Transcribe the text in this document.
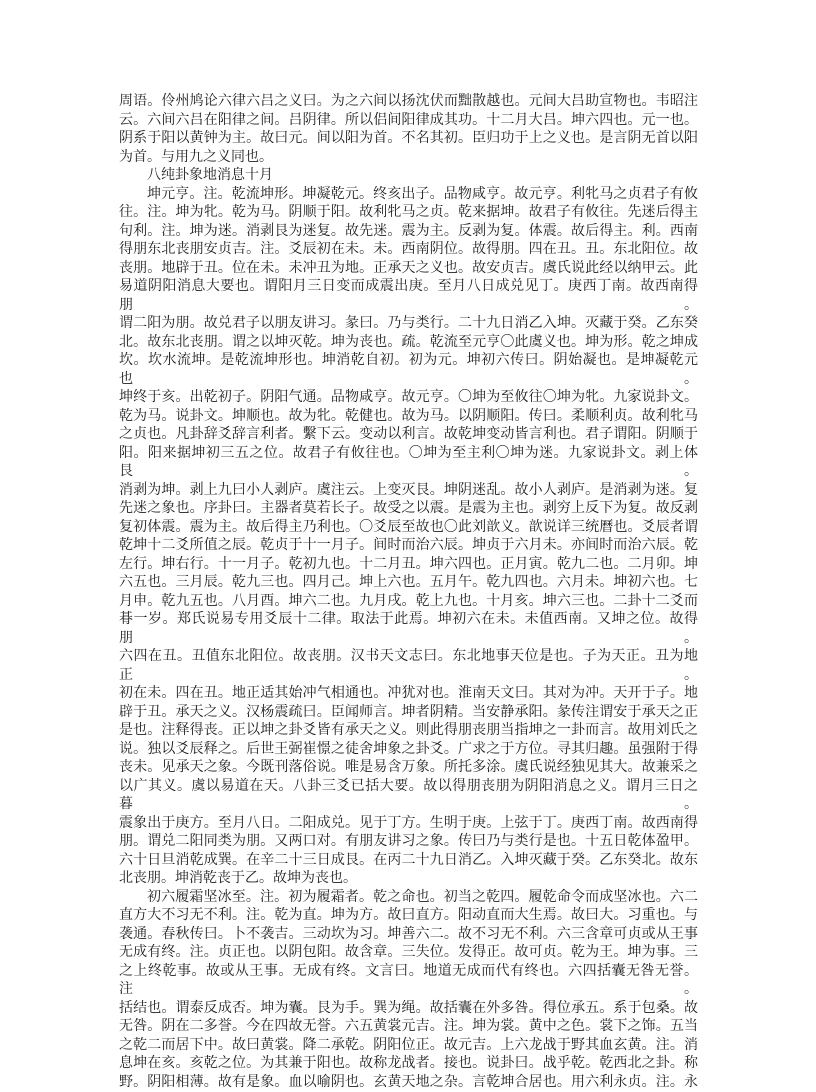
周语。伶州鸠论六律六吕之义曰。为之六间以扬沈伏而黜散越也。元间大吕助宣物也。韦昭注
云。六间六吕在阳律之间。吕阴律。所以侣间阳律成其功。十二月大吕。坤六四也。元一也。
阴系于阳以黄钟为主。故曰元。间以阳为首。不名其初。臣归功于上之义也。是言阴无首以阳
为首。与用九之义同也。
八纯卦象地消息十月
坤元亨。注。乾流坤形。坤凝乾元。终亥出子。品物咸亨。故元亨。利牝马之贞君子有攸
往。注。坤为牝。乾为马。阴顺于阳。故利牝马之贞。乾来据坤。故君子有攸往。先迷后得主
句利。注。坤为迷。消剥艮为迷复。故先迷。震为主。反剥为复。体震。故后得主。利。西南
得朋东北丧朋安贞吉。注。爻辰初在未。未。西南阴位。故得朋。四在丑。丑。东北阳位。故
丧朋。地辟于丑。位在未。未冲丑为地。正承天之义也。故安贞吉。虞氏说此经以纳甲云。此
易道阴阳消息大要也。谓阳月三日变而成震出庚。至月八日成兑见丁。庚西丁南。故西南得朋。
谓二阳为朋。故兑君子以朋友讲习。彖曰。乃与类行。二十九日消乙入坤。灭藏于癸。乙东癸
北。故东北丧朋。谓之以坤灭乾。坤为丧也。疏。乾流至元亨〇此虞义也。坤为形。乾之坤成
坎。坎水流坤。是乾流坤形也。坤消乾自初。初为元。坤初六传曰。阴始凝也。是坤凝乾元也。
坤终于亥。出乾初子。阴阳气通。品物咸亨。故元亨。〇坤为至攸往〇坤为牝。九家说卦文。
乾为马。说卦文。坤顺也。故为牝。乾健也。故为马。以阴顺阳。传曰。柔顺利贞。故利牝马
之贞也。凡卦辞爻辞言利者。繫下云。变动以利言。故乾坤变动皆言利也。君子谓阳。阴顺于
阳。阳来据坤初三五之位。故君子有攸往也。〇坤为至主利〇坤为迷。九家说卦文。剥上体艮。
消剥为坤。剥上九曰小人剥庐。虞注云。上变灭艮。坤阴迷乱。故小人剥庐。是消剥为迷。复
先迷之象也。序卦曰。主器者莫若长子。故受之以震。是震为主也。剥穷上反下为复。故反剥
复初体震。震为主。故后得主乃利也。〇爻辰至故也〇此刘歆义。歆说详三统曆也。爻辰者谓
乾坤十二爻所值之辰。乾贞于十一月子。间时而治六辰。坤贞于六月未。亦间时而治六辰。乾
左行。坤右行。十一月子。乾初九也。十二月丑。坤六四也。正月寅。乾九二也。二月卯。坤
六五也。三月辰。乾九三也。四月己。坤上六也。五月午。乾九四也。六月未。坤初六也。七
月申。乾九五也。八月酉。坤六二也。九月戌。乾上九也。十月亥。坤六三也。二卦十二爻而
朞一岁。郑氏说易专用爻辰十二律。取法于此焉。坤初六在未。未值西南。又坤之位。故得朋。
六四在丑。丑值东北阳位。故丧朋。汉书天文志曰。东北地事天位是也。子为天正。丑为地正。
初在未。四在丑。地正适其始冲气相通也。冲犹对也。淮南天文曰。其对为冲。天开于子。地
辟于丑。承天之义。汉杨震疏曰。臣闻师言。坤者阴精。当安静承阳。彖传注谓安于承天之正
是也。注释得丧。正以坤之卦爻皆有承天之义。则此得朋丧朋当指坤之一卦而言。故用刘氏之
说。独以爻辰释之。后世王弼崔憬之徒舍坤象之卦爻。广求之于方位。寻其归趣。虽强附于得
丧未。见承天之象。今既刊落俗说。唯是易含万象。所托多涂。虞氏说经独见其大。故兼采之
以广其义。虞以易道在天。八卦三爻已括大要。故以得朋丧朋为阴阳消息之义。谓月三日之暮。
震象出于庚方。至月八日。二阳成兑。见于丁方。生明于庚。上弦于丁。庚西丁南。故西南得
朋。谓兑二阳同类为朋。又两口对。有朋友讲习之象。传曰乃与类行是也。十五日乾体盈甲。
六十日旦消乾成巽。在辛二十三日成艮。在丙二十九日消乙。入坤灭藏于癸。乙东癸北。故东
北丧朋。坤消乾丧于乙。故坤为丧也。
初六履霜坚冰至。注。初为履霜者。乾之命也。初当之乾四。履乾命令而成坚冰也。六二
直方大不习无不利。注。乾为直。坤为方。故曰直方。阳动直而大生焉。故曰大。习重也。与
袭通。春秋传曰。卜不袭吉。三动坎为习。坤善六二。故不习无不利。六三含章可贞或从王事
无成有终。注。贞正也。以阴包阳。故含章。三失位。发得正。故可贞。乾为王。坤为事。三
之上终乾事。故或从王事。无成有终。文言曰。地道无成而代有终也。六四括囊无咎无誉。注。
括结也。谓泰反成否。坤为囊。艮为手。巽为绳。故括囊在外多咎。得位承五。系于包桑。故
无咎。阴在二多誉。今在四故无誉。六五黄裳元吉。注。坤为裳。黄中之色。裳下之饰。五当
之乾二而居下中。故曰黄裳。降二承乾。阴阳位正。故元吉。上六龙战于野其血玄黄。注。消
息坤在亥。亥乾之位。为其兼于阳也。故称龙战者。接也。说卦曰。战乎乾。乾西北之卦。称
野。阴阳相薄。故有是象。血以喻阴也。玄黄天地之杂。言乾坤合居也。用六利永贞。注。永
